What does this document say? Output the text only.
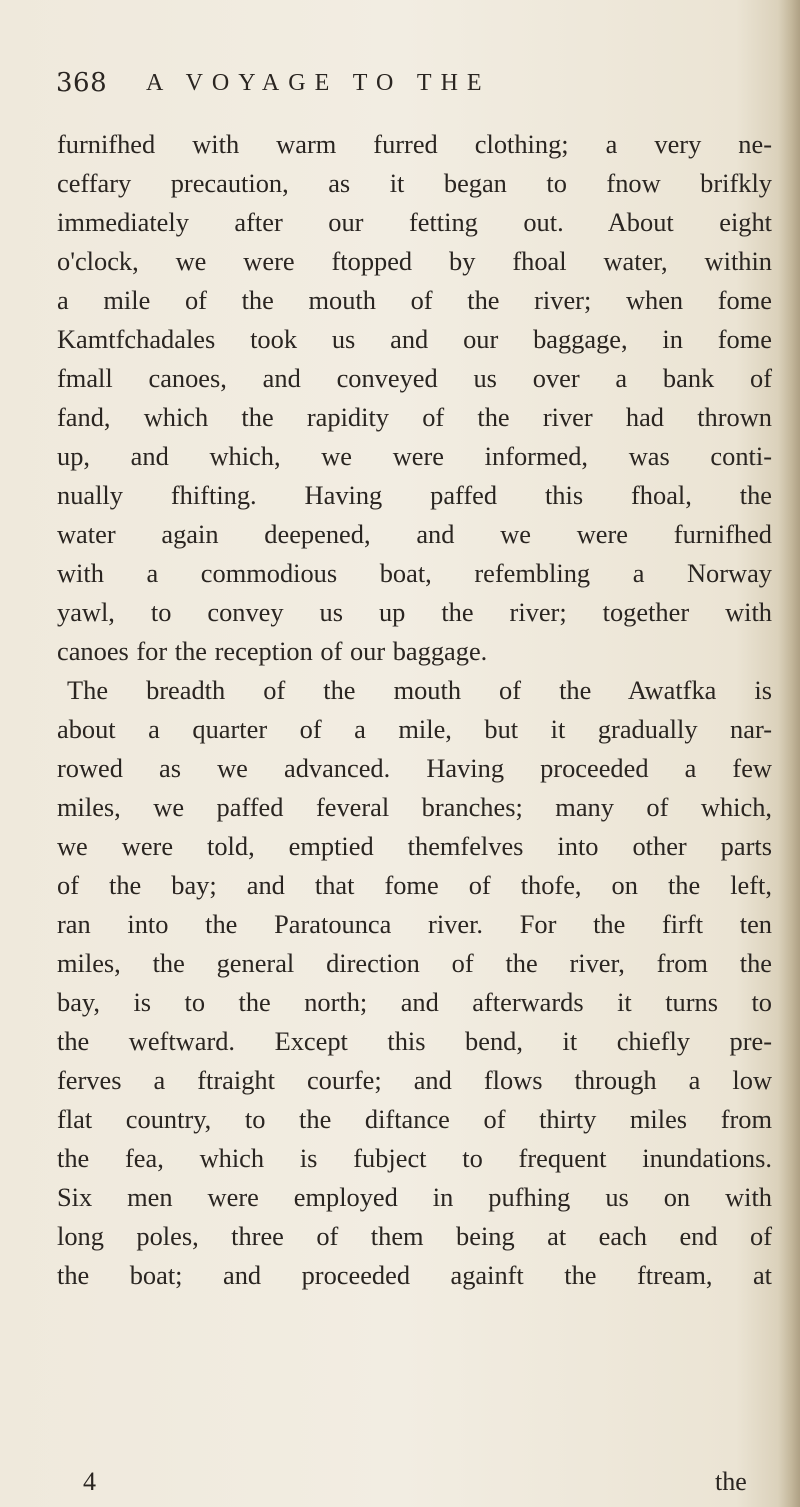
368 A VOYAGE TO THE
furnifhed with warm furred clothing; a very ne-
ceffary precaution, as it began to fnow brifkly
immediately after our fetting out. About eight
o'clock, we were ftopped by fhoal water, within
a mile of the mouth of the river; when fome
Kamtfchadales took us and our baggage, in fome
fmall canoes, and conveyed us over a bank of
fand, which the rapidity of the river had thrown
up, and which, we were informed, was conti-
nually fhifting. Having paffed this fhoal, the
water again deepened, and we were furnifhed
with a commodious boat, refembling a Norway
yawl, to convey us up the river; together with
canoes for the reception of our baggage.
The breadth of the mouth of the Awatfka is
about a quarter of a mile, but it gradually nar-
rowed as we advanced. Having proceeded a few
miles, we paffed feveral branches; many of which,
we were told, emptied themfelves into other parts
of the bay; and that fome of thofe, on the left,
ran into the Paratounca river. For the firft ten
miles, the general direction of the river, from the
bay, is to the north; and afterwards it turns to
the weftward. Except this bend, it chiefly pre-
ferves a ftraight courfe; and flows through a low
flat country, to the diftance of thirty miles from
the fea, which is fubject to frequent inundations.
Six men were employed in pufhing us on with
long poles, three of them being at each end of
the boat; and proceeded againft the ftream, at
4	the
